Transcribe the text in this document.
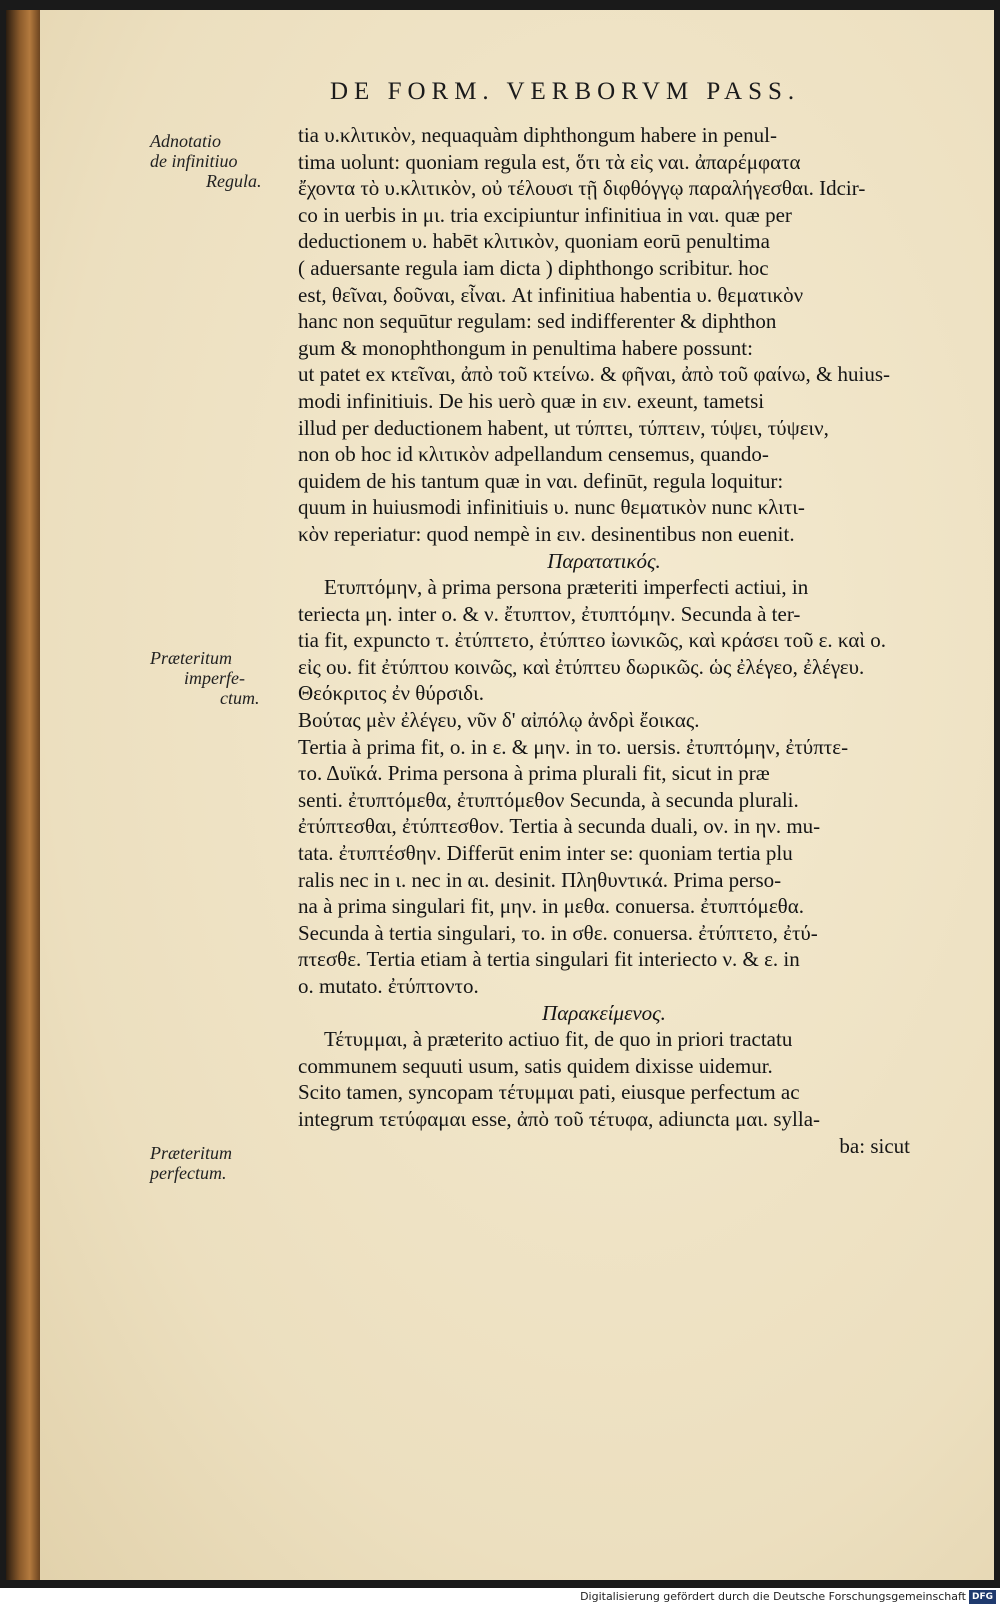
DE FORM. VERBORVM PASS.
Adnotatio
de infinitiuo
Regula.
Præteritum
imperfe-
ctum.
Præteritum
perfectum.
tia υ.κλιτικὸν, nequaquàm diphthongum habere in penul-
tima uolunt: quoniam regula est, ὅτι τὰ εἰς ναι. ἀπαρέμφατα
ἔχοντα τὸ υ.κλιτικὸν, οὐ τέλουσι τῇ διφθόγγῳ παραλήγεσθαι. Idcir-
co in uerbis in μι. tria excipiuntur infinitiua in ναι. quæ per
deductionem υ. habēt κλιτικὸν, quoniam eorū penultima
( aduersante regula iam dicta ) diphthongo scribitur. hoc
est, θεῖναι, δοῦναι, εἶναι. At infinitiua habentia υ. θεματικὸν
hanc non sequūtur regulam: sed indifferenter & diphthon
gum & monophthongum in penultima habere possunt:
ut patet ex κτεῖναι, ἀπὸ τοῦ κτείνω. & φῆναι, ἀπὸ τοῦ φαίνω, & huius-
modi infinitiuis. De his uerò quæ in ειν. exeunt, tametsi
illud per deductionem habent, ut τύπτει, τύπτειν, τύψει, τύψειν,
non ob hoc id κλιτικὸν adpellandum censemus, quando-
quidem de his tantum quæ in ναι. definūt, regula loquitur:
quum in huiusmodi infinitiuis υ. nunc θεματικὸν nunc κλιτι-
κὸν reperiatur: quod nempè in ειν. desinentibus non euenit.
Παρατατικός.
Ετυπτόμην, à prima persona præteriti imperfecti actiui, in
teriecta μη. inter ο. & ν. ἔτυπτον, ἐτυπτόμην. Secunda à ter-
tia fit, expuncto τ. ἐτύπτετο, ἐτύπτεο ἰωνικῶς, καὶ κράσει τοῦ ε. καὶ ο.
εἰς ου. fit ἐτύπτου κοινῶς, καὶ ἐτύπτευ δωρικῶς. ὡς ἐλέγεο, ἐλέγευ.
Θεόκριτος ἐν θύρσιδι.
Βούτας μὲν ἐλέγευ, νῦν δ' αἰπόλῳ ἀνδρὶ ἔοικας.
Tertia à prima fit, ο. in ε. & μην. in το. uersis. ἐτυπτόμην, ἐτύπτε-
το. Δυϊκά. Prima persona à prima plurali fit, sicut in præ
senti. ἐτυπτόμεθα, ἐτυπτόμεθον Secunda, à secunda plurali.
ἐτύπτεσθαι, ἐτύπτεσθον. Tertia à secunda duali, ον. in ην. mu-
tata. ἐτυπτέσθην. Differūt enim inter se: quoniam tertia plu
ralis nec in ι. nec in αι. desinit. Πληθυντικά. Prima perso-
na à prima singulari fit, μην. in μεθα. conuersa. ἐτυπτόμεθα.
Secunda à tertia singulari, το. in σθε. conuersa. ἐτύπτετο, ἐτύ-
πτεσθε. Tertia etiam à tertia singulari fit interiecto ν. & ε. in
ο. mutato. ἐτύπτοντο.
Παρακείμενος.
Τέτυμμαι, à præterito actiuo fit, de quo in priori tractatu
communem sequuti usum, satis quidem dixisse uidemur.
Scito tamen, syncopam τέτυμμαι pati, eiusque perfectum ac
integrum τετύφαμαι esse, ἀπὸ τοῦ τέτυφα, adiuncta μαι. sylla-
ba: sicut
Digitalisierung gefördert durch die Deutsche Forschungsgemeinschaft DFG
